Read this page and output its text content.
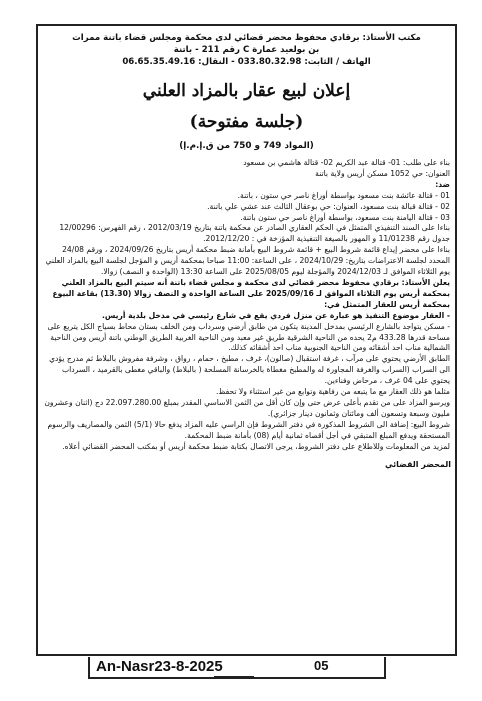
مكتب الأستاذ: برقادي محفوظ محضر قضائي لدى محكمة ومجلس قضاء باتنة ممرات
بن بولعيد عمارة C رقم 211 - باتنة
الهاتف / الثابت: 033.80.32.98 - النقال: 06.65.35.49.16
إعلان لبيع عقار بالمزاد العلني
(جلسة مفتوحة)
(المواد 749 و 750 من ق.إ.م.إ)

بناء على طلب: 01- قتالة عبد الكريم 02- قتالة هاشمي بن مسعود

العنوان: حي 1052 مسكن أريس ولاية باتنة

ضد:

01 - قتالة عائشة بنت مسعود بواسطة أوراغ ناصر حي ستون ، باتنة.

02 - قتالة قبالة بنت مسعود، العنوان: حي بوعقال الثالث عند عشي علي باتنة.

03 - قتالة اليامنة بنت مسعود، بواسطة أوراغ ناصر حي ستون باتنة.

بناءا على السند التنفيذي المتمثل في الحكم العقاري الصادر عن محكمة باتنة بتاريخ 2012/03/19 ، رقم الفهرس: 12/00296 جدول رقم 11/01238 و المهور بالصيغة التنفيذية المؤرخة في : 2012/12/20.

بناءا على محضر إيداع قائمة شروط البيع + قائمة شروط البيع بأمانة ضبط محكمة أريس بتاريخ 2024/09/26 ، ورقم 24/08 المحدد لجلسة الاعتراضات بتاريخ: 2024/10/29 ، على الساعة: 11:00 صباحا بمحكمة أريس و المؤجل لجلسة البيع بالمزاد العلني يوم الثلاثاء الموافق لـ 2024/12/03 والمؤجلة ليوم 2025/08/05 على الساعة 13:30 (الواحدة و النصف) زوالا.

يعلن الأستاذ: برقادي محفوظ محضر قضائي لدى محكمة و مجلس قضاء باتنة أنه سيتم البيع بالمزاد العلني بمحكمة أريس يوم الثلاثاء الموافق لـ 2025/09/16 على الساعة الواحدة و النصف زوالا (13.30) بقاعة البيوع بمحكمة أريس للعقار المتمثل في:

- العقار موضوع التنفيذ هو عبارة عن منزل فردي يقع في شارع رئيسي في مدخل بلدية أريس.

- مسكن يتواجد بالشارع الرئيسي بمدخل المدينة يتكون من طابق أرضي وسرداب ومن الخلف بستان محاط بسياج الكل يتربع على مساحة قدرها 433.28 م2 يحده من الناحية الشرقية طريق غير معبد ومن الناحية الغربية الطريق الوطني باتنة أريس ومن الناحية الشمالية مناب احد أشقائه ومن الناحية الجنوبية مناب احد أشقائه كذلك.

الطابق الأرضي يحتوي على مرآب ، غرفة استقبال (صالون)، غرف ، مطبخ ، حمام ، رواق ، وشرفة مفروش بالبلاط ثم مدرج يؤدي الى السراب (السراب والغرفة المجاورة له والمطبخ مغطاة بالخرسانة المسلحة ( بالبلاط) والباقي مغطى بالقرميد ، السرداب يحتوي على 04 غرف ، مرحاض وفناءين.

مثلما هو ذلك العقار مع ما يتبعه من رفاهية وتوابع من غير استثناء ولا تحفظ.

ويرسو المزاد على من تقدم بأعلى عرض حتى وإن كان أقل من الثمن الاساسي المقدر بمبلغ 22.097.280.00 دج (اثنان وعشرون مليون وسبعة وتسعون ألف ومائتان وثمانون دينار جزائري).

شروط البيع: إضافة الى الشروط المذكورة في دفتر الشروط فإن الراسي عليه المزاد يدفع حالا (5/1) الثمن والمصاريف والرسوم المستحقة ويدفع المبلغ المتبقي في أجل أقصاه ثمانية أيام (08) بأمانة ضبط المحكمة.

لمزيد من المعلومات وللاطلاع على دفتر الشروط، يرجى الاتصال بكتابة ضبط محكمة أريس أو بمكتب المحضر القضائي أعلاه.

المحضر القضائي
An-Nasr23-8-2025	05
